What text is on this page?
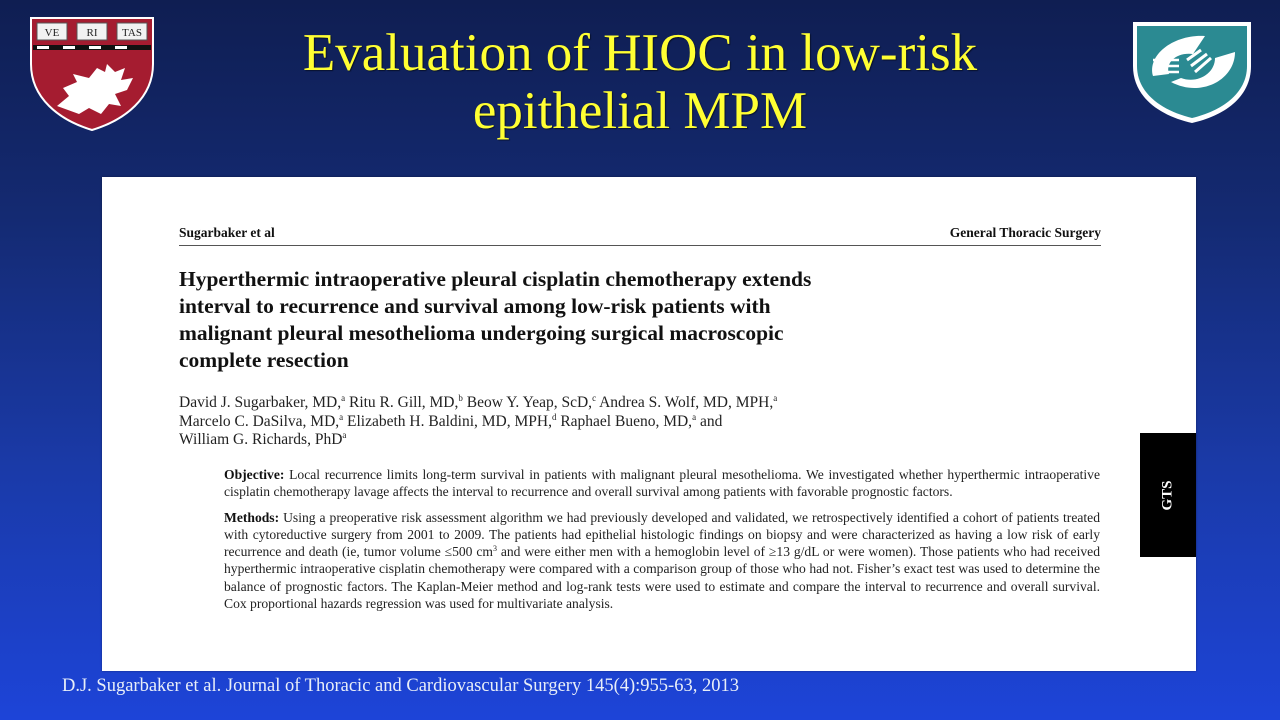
VE RI TAS	Evaluation of HIOC in low-risk
epithelial MPM
Sugarbaker et al	General Thoracic Surgery
Hyperthermic intraoperative pleural cisplatin chemotherapy extends
interval to recurrence and survival among low-risk patients with
malignant pleural mesothelioma undergoing surgical macroscopic
complete resection
David J. Sugarbaker, MD,$^a$ Ritu R. Gill, MD,$^b$ Beow Y. Yeap, ScD,$^c$ Andrea S. Wolf, MD, MPH,$^a$
Marcelo C. DaSilva, MD,$^a$ Elizabeth H. Baldini, MD, MPH,$^d$ Raphael Bueno, MD,$^a$ and
William G. Richards, PhD$^a$

Objective: Local recurrence limits long-term survival in patients with malignant pleural mesothelioma. We investigated whether hyperthermic intraoperative cisplatin chemotherapy lavage affects the interval to recurrence and overall survival among patients with favorable prognostic factors.

Methods: Using a preoperative risk assessment algorithm we had previously developed and validated, we retrospectively identified a cohort of patients treated with cytoreductive surgery from 2001 to 2009. The patients had epithelial histologic findings on biopsy and were characterized as having a low risk of early recurrence and death (ie, tumor volume ≤500 $cm^3$ and were either men with a hemoglobin level of ≥13 g/dL or were women). Those patients who had received hyperthermic intraoperative cisplatin chemotherapy were compared with a comparison group of those who had not. Fisher’s exact test was used to determine the balance of prognostic factors. The Kaplan-Meier method and log-rank tests were used to estimate and compare the interval to recurrence and overall survival. Cox proportional hazards regression was used for multivariate analysis.

GTS
D.J. Sugarbaker et al. Journal of Thoracic and Cardiovascular Surgery 145(4):955-63, 2013
